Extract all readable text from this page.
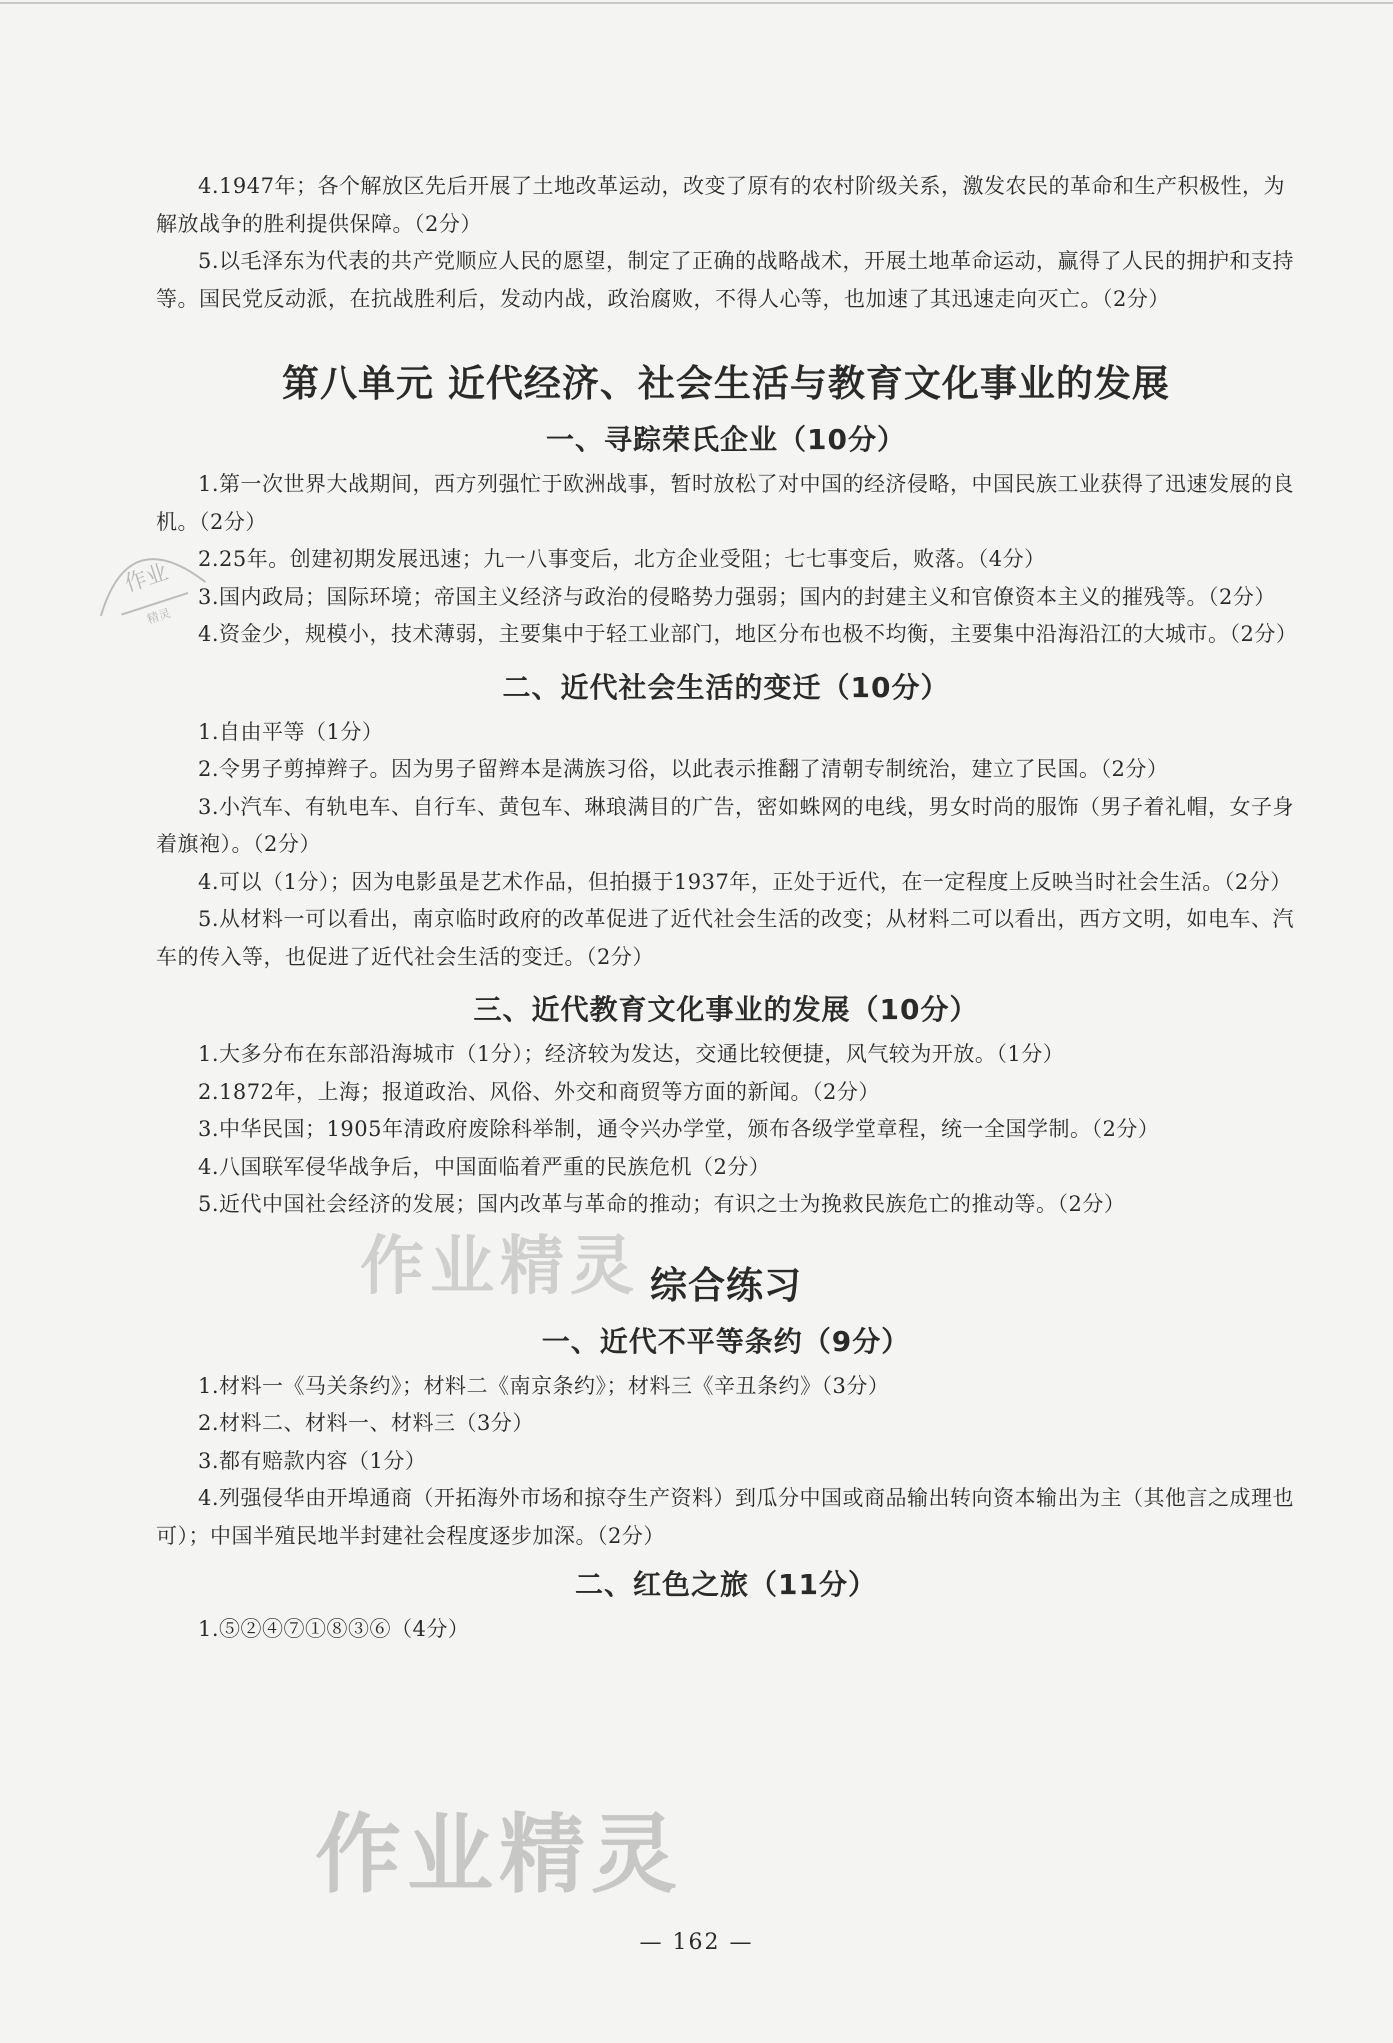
作业
精灵

4.1947年；各个解放区先后开展了土地改革运动，改变了原有的农村阶级关系，激发农民的革命和生产积极性，为解放战争的胜利提供保障。（2分）

5.以毛泽东为代表的共产党顺应人民的愿望，制定了正确的战略战术，开展土地革命运动，赢得了人民的拥护和支持等。国民党反动派，在抗战胜利后，发动内战，政治腐败，不得人心等，也加速了其迅速走向灭亡。（2分）

第八单元 近代经济、社会生活与教育文化事业的发展
一、寻踪荣氏企业（10分）

1.第一次世界大战期间，西方列强忙于欧洲战事，暂时放松了对中国的经济侵略，中国民族工业获得了迅速发展的良机。（2分）

2.25年。创建初期发展迅速；九一八事变后，北方企业受阻；七七事变后，败落。（4分）

3.国内政局；国际环境；帝国主义经济与政治的侵略势力强弱；国内的封建主义和官僚资本主义的摧残等。（2分）

4.资金少，规模小，技术薄弱，主要集中于轻工业部门，地区分布也极不均衡，主要集中沿海沿江的大城市。（2分）

二、近代社会生活的变迁（10分）

1.自由平等（1分）

2.令男子剪掉辫子。因为男子留辫本是满族习俗，以此表示推翻了清朝专制统治，建立了民国。（2分）

3.小汽车、有轨电车、自行车、黄包车、琳琅满目的广告，密如蛛网的电线，男女时尚的服饰（男子着礼帽，女子身着旗袍）。（2分）

4.可以（1分）；因为电影虽是艺术作品，但拍摄于1937年，正处于近代，在一定程度上反映当时社会生活。（2分）

5.从材料一可以看出，南京临时政府的改革促进了近代社会生活的改变；从材料二可以看出，西方文明，如电车、汽车的传入等，也促进了近代社会生活的变迁。（2分）

三、近代教育文化事业的发展（10分）

1.大多分布在东部沿海城市（1分）；经济较为发达，交通比较便捷，风气较为开放。（1分）

2.1872年，上海；报道政治、风俗、外交和商贸等方面的新闻。（2分）

3.中华民国；1905年清政府废除科举制，通令兴办学堂，颁布各级学堂章程，统一全国学制。（2分）

4.八国联军侵华战争后，中国面临着严重的民族危机（2分）

5.近代中国社会经济的发展；国内改革与革命的推动；有识之士为挽救民族危亡的推动等。（2分）

综合练习
一、近代不平等条约（9分）

1.材料一《马关条约》；材料二《南京条约》；材料三《辛丑条约》（3分）

2.材料二、材料一、材料三（3分）

3.都有赔款内容（1分）

4.列强侵华由开埠通商（开拓海外市场和掠夺生产资料）到瓜分中国或商品输出转向资本输出为主（其他言之成理也可）；中国半殖民地半封建社会程度逐步加深。（2分）

二、红色之旅（11分）

1.⑤②④⑦①⑧③⑥（4分）

作业精灵
作业精灵
— 162 —
